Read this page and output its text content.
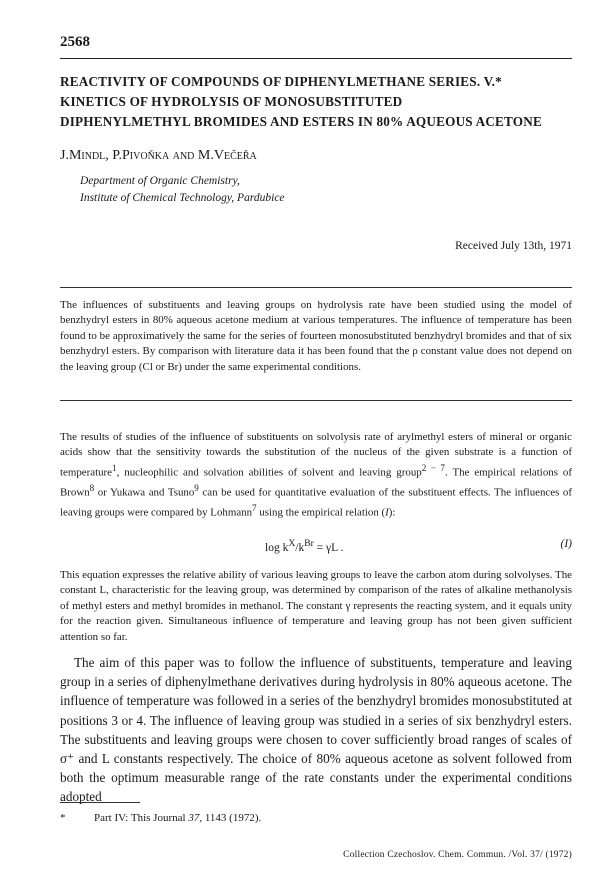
2568
REACTIVITY OF COMPOUNDS OF DIPHENYLMETHANE SERIES. V.*
KINETICS OF HYDROLYSIS OF MONOSUBSTITUTED
DIPHENYLMETHYL BROMIDES AND ESTERS IN 80% AQUEOUS ACETONE
J.Mindl, P.Pivoňka and M.Večeřa
Department of Organic Chemistry,
Institute of Chemical Technology, Pardubice
Received July 13th, 1971

The influences of substituents and leaving groups on hydrolysis rate have been studied using the model of benzhydryl esters in 80% aqueous acetone medium at various temperatures. The influence of temperature has been found to be approximatively the same for the series of fourteen monosubstituted benzhydryl bromides and that of six benzhydryl esters. By comparison with literature data it has been found that the ρ constant value does not depend on the leaving group (Cl or Br) under the same experimental conditions.

The results of studies of the influence of substituents on solvolysis rate of arylmethyl esters of mineral or organic acids show that the sensitivity towards the substitution of the nucleus of the given substrate is a function of temperature$^1$, nucleophilic and solvation abilities of solvent and leaving group$^{2 - 7}$. The empirical relations of Brown$^8$ or Yukawa and Tsuno$^9$ can be used for quantitative evaluation of the substituent effects. The influences of leaving groups were compared by Lohmann$^7$ using the empirical relation (I):

$\log k^X/k^{Br} = \gamma L$ .	(I)

This equation expresses the relative ability of various leaving groups to leave the carbon atom during solvolyses. The constant L, characteristic for the leaving group, was determined by comparison of the rates of alkaline methanolysis of methyl esters and methyl bromides in methanol. The constant γ represents the reacting system, and it equals unity for the reaction given. Simultaneous influence of temperature and leaving group has not been given sufficient attention so far.

The aim of this paper was to follow the influence of substituents, temperature and leaving group in a series of diphenylmethane derivatives during hydrolysis in 80% aqueous acetone. The influence of temperature was followed in a series of the benzhydryl bromides monosubstituted at positions 3 or 4. The influence of leaving group was studied in a series of six benzhydryl esters. The substituents and leaving groups were chosen to cover sufficiently broad ranges of scales of σ⁺ and L constants respectively. The choice of 80% aqueous acetone as solvent followed from both the optimum measurable range of the rate constants under the experimental conditions adopted

*	Part IV: This Journal 37, 1143 (1972).
Collection Czechoslov. Chem. Commun. /Vol. 37/ (1972)
